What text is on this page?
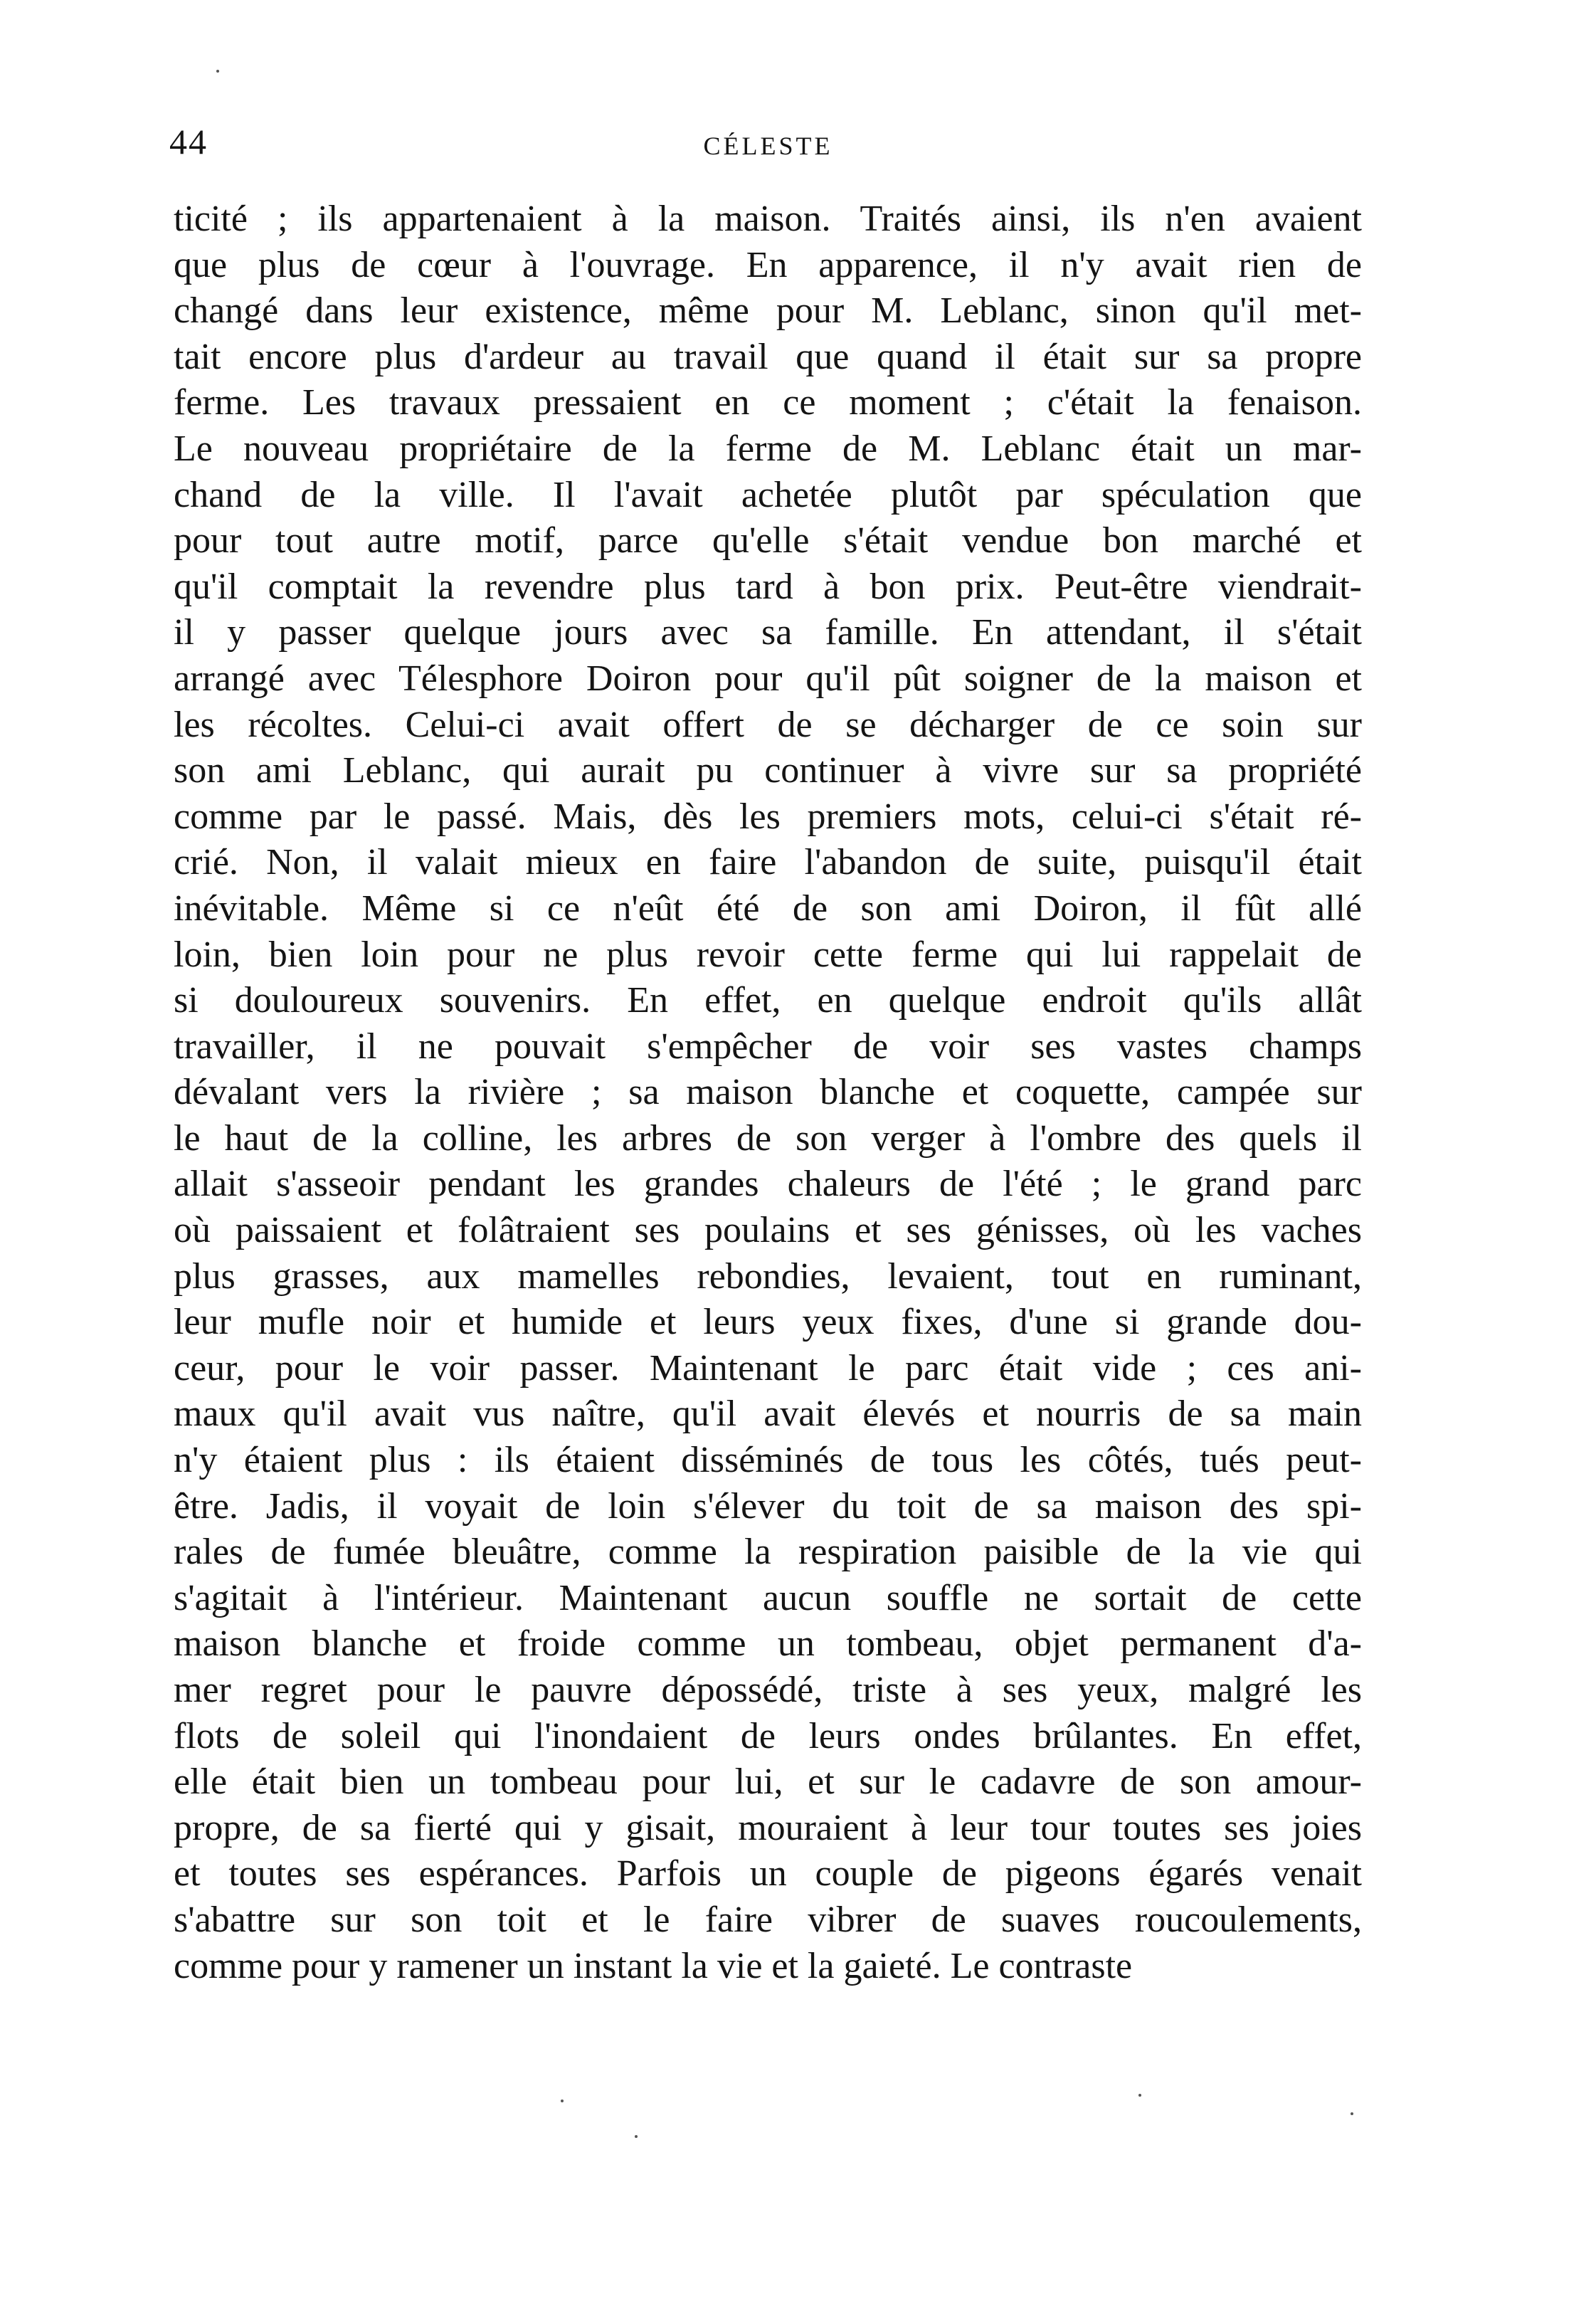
44	CÉLESTE
ticité ; ils appartenaient à la maison. Traités ainsi, ils n'en avaient
que plus de cœur à l'ouvrage. En apparence, il n'y avait rien de
changé dans leur existence, même pour M. Leblanc, sinon qu'il met-
tait encore plus d'ardeur au travail que quand il était sur sa propre
ferme. Les travaux pressaient en ce moment ; c'était la fenaison.
Le nouveau propriétaire de la ferme de M. Leblanc était un mar-
chand de la ville. Il l'avait achetée plutôt par spéculation que
pour tout autre motif, parce qu'elle s'était vendue bon marché et
qu'il comptait la revendre plus tard à bon prix. Peut-être viendrait-
il y passer quelque jours avec sa famille. En attendant, il s'était
arrangé avec Télesphore Doiron pour qu'il pût soigner de la maison et
les récoltes. Celui-ci avait offert de se décharger de ce soin sur
son ami Leblanc, qui aurait pu continuer à vivre sur sa propriété
comme par le passé. Mais, dès les premiers mots, celui-ci s'était ré-
crié. Non, il valait mieux en faire l'abandon de suite, puisqu'il était
inévitable. Même si ce n'eût été de son ami Doiron, il fût allé
loin, bien loin pour ne plus revoir cette ferme qui lui rappelait de
si douloureux souvenirs. En effet, en quelque endroit qu'ils allât
travailler, il ne pouvait s'empêcher de voir ses vastes champs
dévalant vers la rivière ; sa maison blanche et coquette, campée sur
le haut de la colline, les arbres de son verger à l'ombre des quels il
allait s'asseoir pendant les grandes chaleurs de l'été ; le grand parc
où paissaient et folâtraient ses poulains et ses génisses, où les vaches
plus grasses, aux mamelles rebondies, levaient, tout en ruminant,
leur mufle noir et humide et leurs yeux fixes, d'une si grande dou-
ceur, pour le voir passer. Maintenant le parc était vide ; ces ani-
maux qu'il avait vus naître, qu'il avait élevés et nourris de sa main
n'y étaient plus : ils étaient disséminés de tous les côtés, tués peut-
être. Jadis, il voyait de loin s'élever du toit de sa maison des spi-
rales de fumée bleuâtre, comme la respiration paisible de la vie qui
s'agitait à l'intérieur. Maintenant aucun souffle ne sortait de cette
maison blanche et froide comme un tombeau, objet permanent d'a-
mer regret pour le pauvre dépossédé, triste à ses yeux, malgré les
flots de soleil qui l'inondaient de leurs ondes brûlantes. En effet,
elle était bien un tombeau pour lui, et sur le cadavre de son amour-
propre, de sa fierté qui y gisait, mouraient à leur tour toutes ses joies
et toutes ses espérances. Parfois un couple de pigeons égarés venait
s'abattre sur son toit et le faire vibrer de suaves roucoulements,
comme pour y ramener un instant la vie et la gaieté. Le contraste
